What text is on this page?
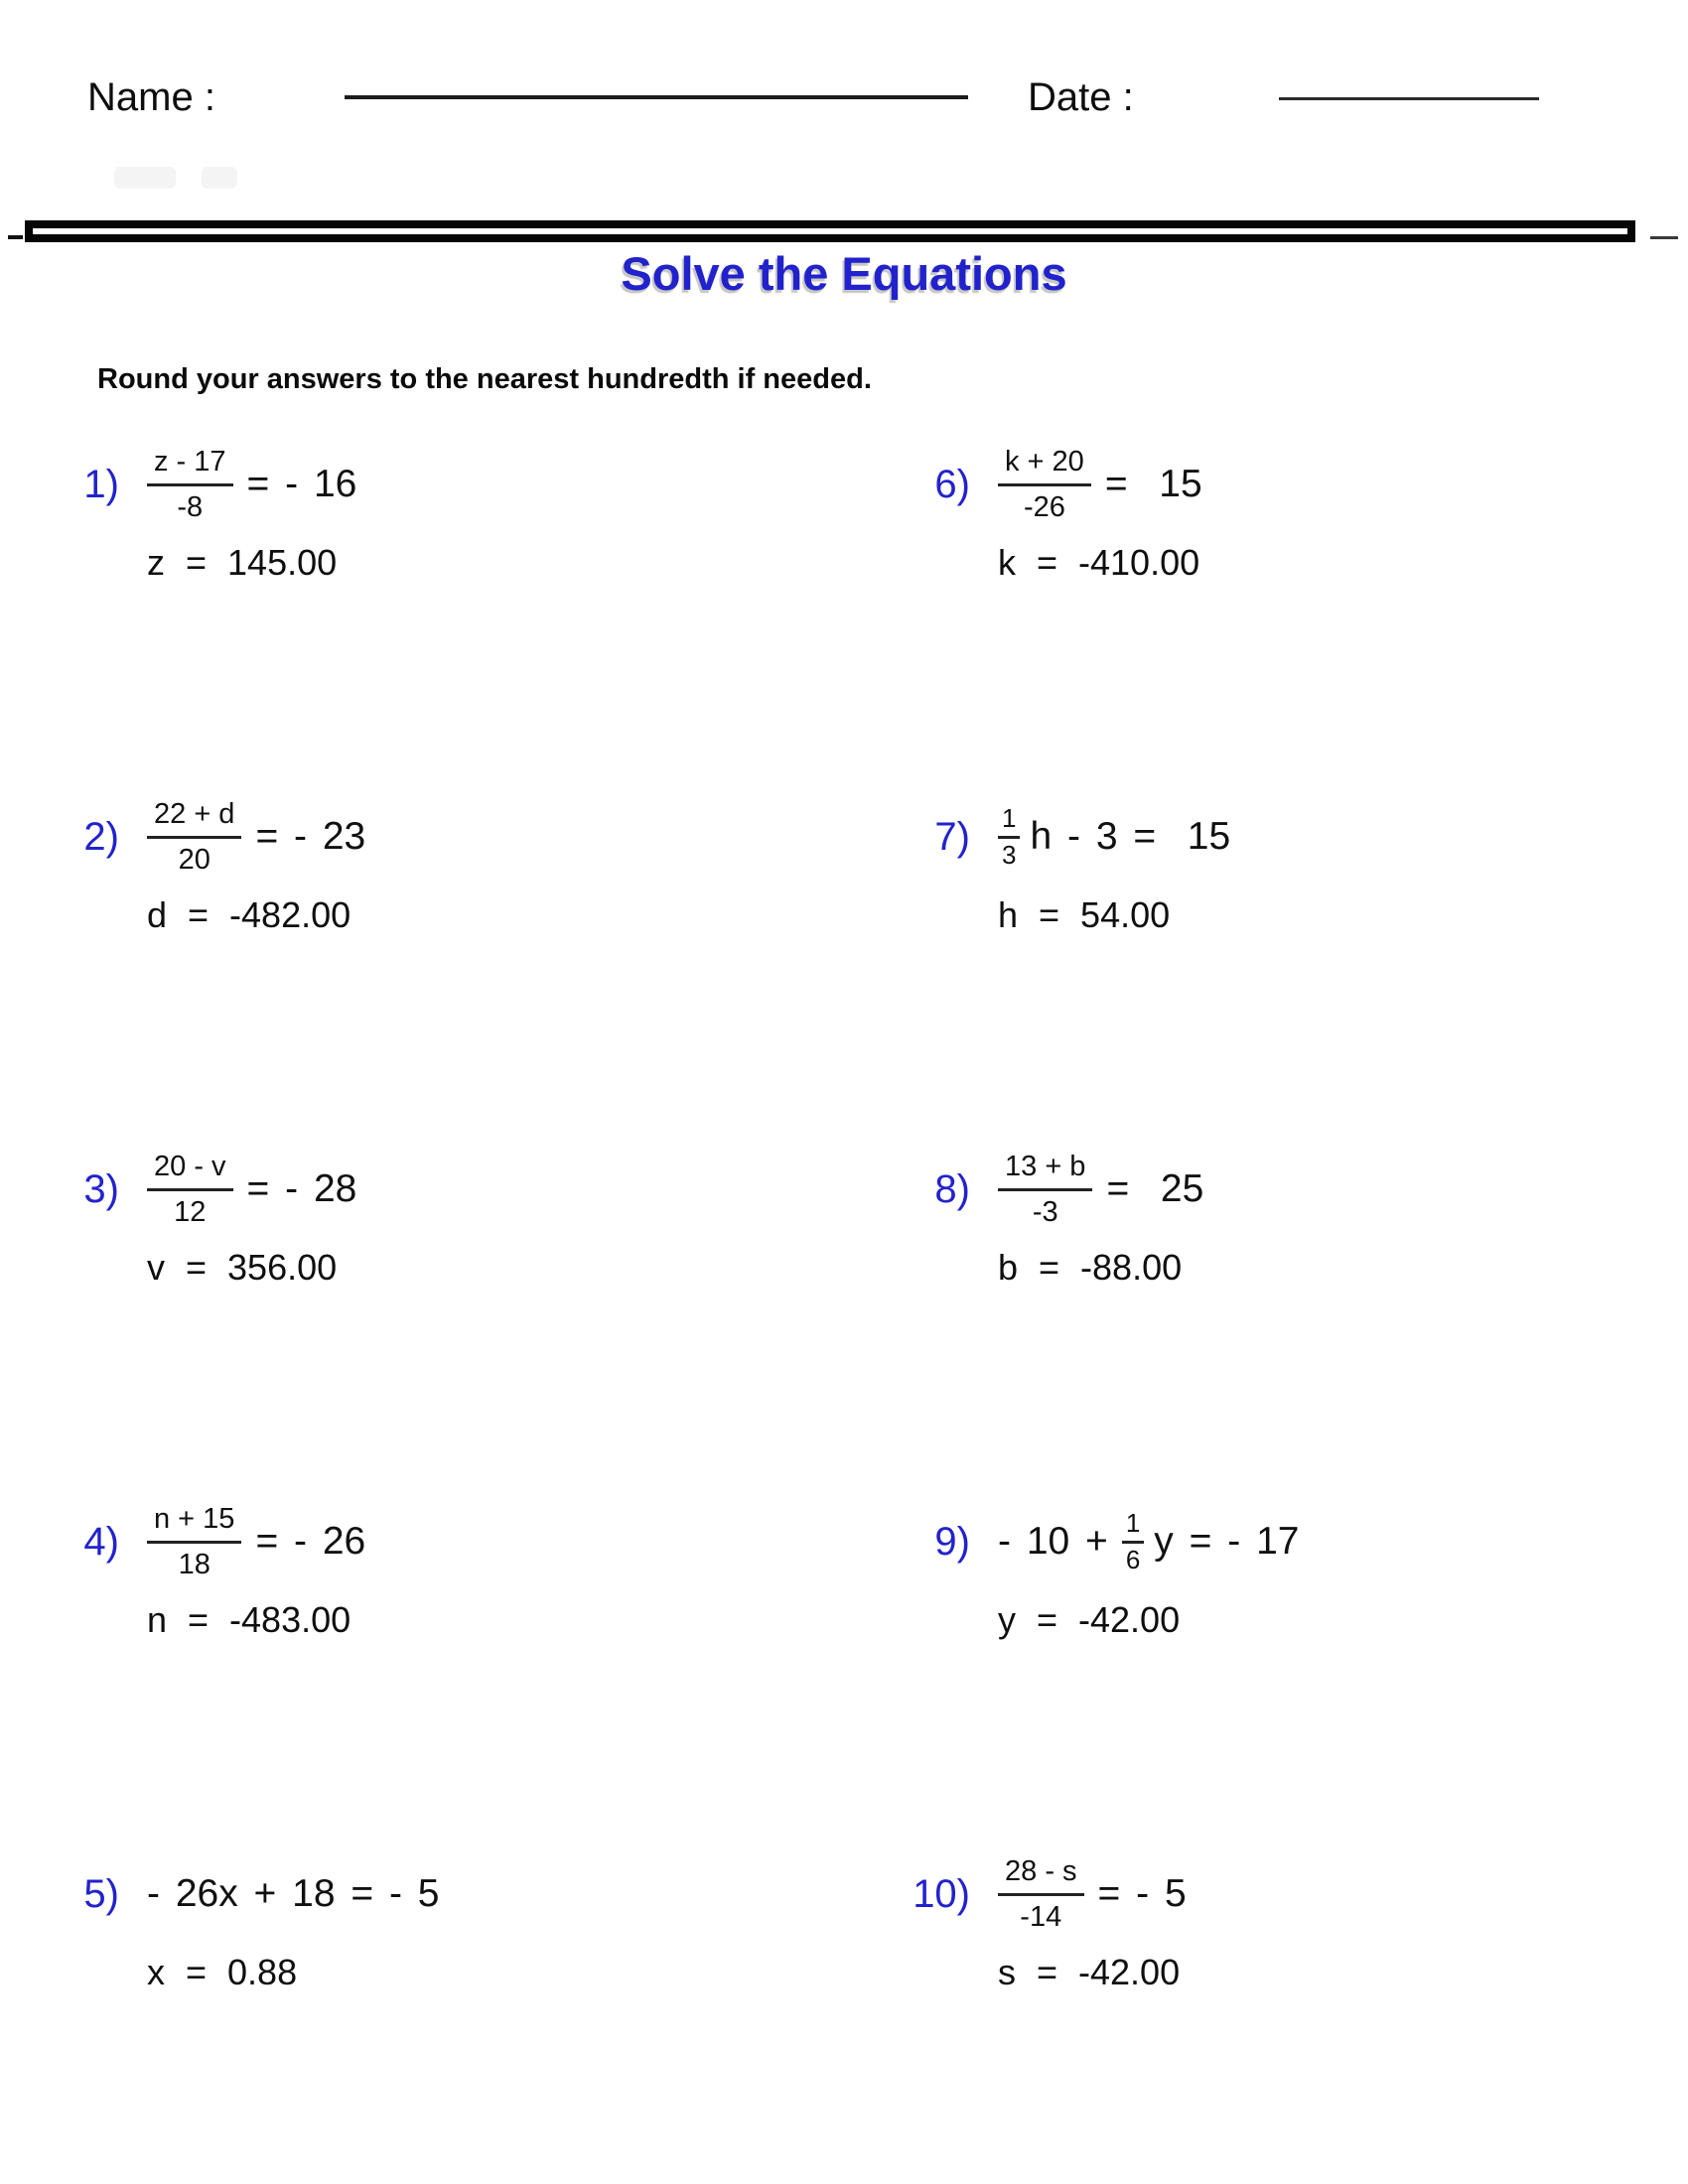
Name :	Date :
Solve the Equations
Round your answers to the nearest hundredth if needed.
$1) \frac{z - 17}{-8}$ = - 16
z = 145.00
$2) \frac{22 + d}{20}$ = - 23
d = -482.00
$3) \frac{20 - v}{12}$ = - 28
v = 356.00
$4) \frac{n + 15}{18}$ = - 26
n = -483.00
5) - 26x + 18 = - 5
x = 0.88
$6) \frac{k + 20}{-26} = 15$
k = -410.00
$7) \frac{1}{3}$ h - 3 =  15
h = 54.00
$8) \frac{13 + b}{-3} = 25$
b = -88.00
$9) - 10 + \frac{1}{6}$ y = - 17
y = -42.00
$10) \frac{28 - s}{-14}$ = - 5
s = -42.00
